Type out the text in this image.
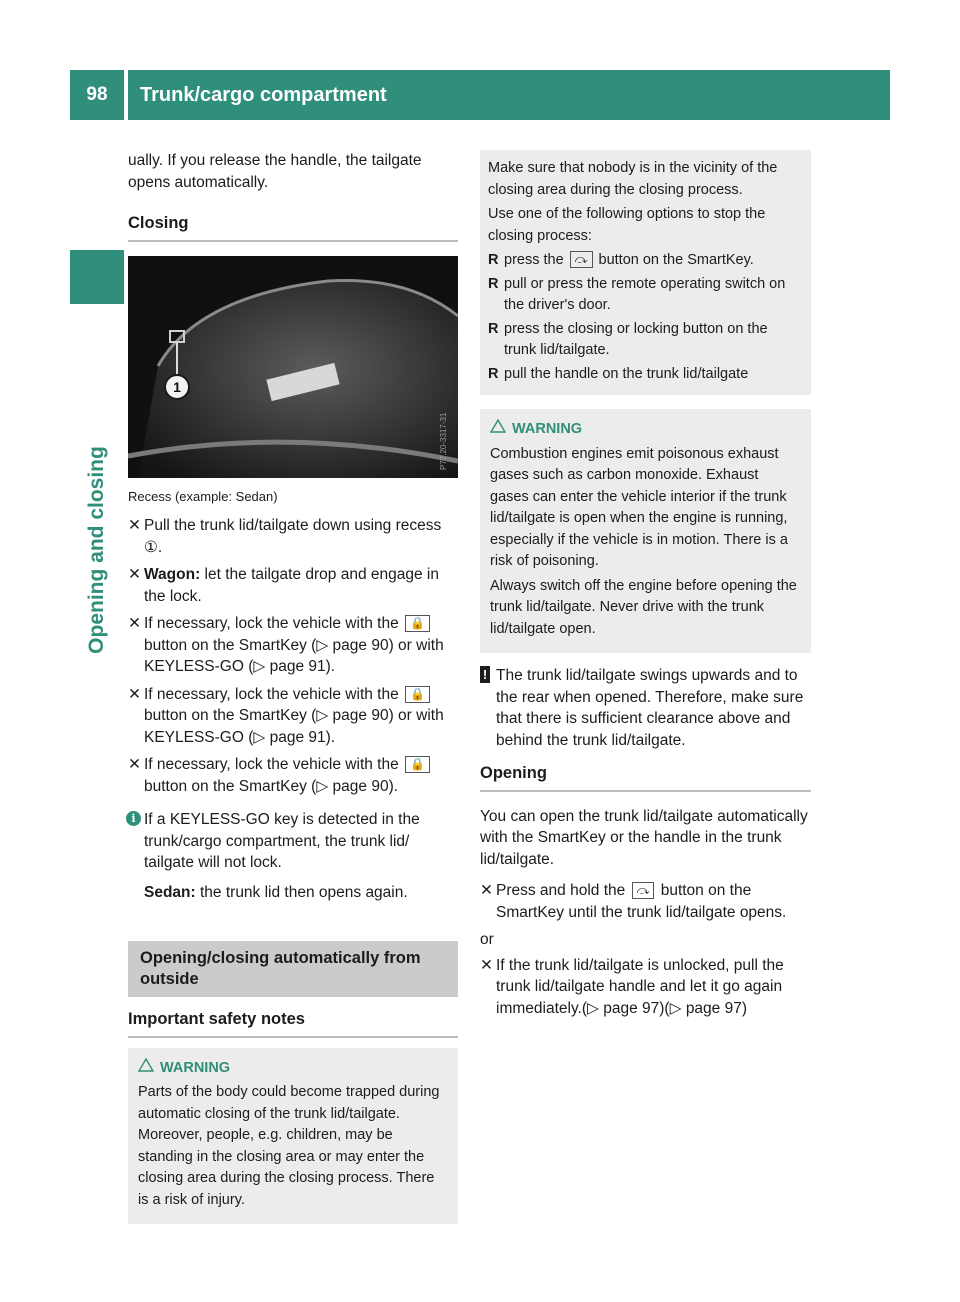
98	Trunk/cargo compartment
Opening and closing

ually. If you release the handle, the tailgate opens automatically.

Closing
1
P77.20-3317-31
Recess (example: Sedan)
✕ Pull the trunk lid/tailgate down using recess ①.
✕ Wagon: let the tailgate drop and engage in the lock.
✕ If necessary, lock the vehicle with the 🔒 button on the SmartKey (▷ page 90) or with KEYLESS-GO (▷ page 91).
✕ If necessary, lock the vehicle with the 🔒 button on the SmartKey (▷ page 90) or with KEYLESS-GO (▷ page 91).
✕ If necessary, lock the vehicle with the 🔒 button on the SmartKey (▷ page 90).
i If a KEYLESS-GO key is detected in the trunk/cargo compartment, the trunk lid/ tailgate will not lock.
Sedan: the trunk lid then opens again.
Opening/closing automatically from outside
Important safety notes
WARNING

Parts of the body could become trapped during automatic closing of the trunk lid/tailgate. Moreover, people, e.g. children, may be standing in the closing area or may enter the closing area during the closing process. There is a risk of injury.

Make sure that nobody is in the vicinity of the closing area during the closing process.

Use one of the following options to stop the closing process:

R press the ⤼ button on the SmartKey.
R pull or press the remote operating switch on the driver's door.
R press the closing or locking button on the trunk lid/tailgate.
R pull the handle on the trunk lid/tailgate
WARNING

Combustion engines emit poisonous exhaust gases such as carbon monoxide. Exhaust gases can enter the vehicle interior if the trunk lid/tailgate is open when the engine is running, especially if the vehicle is in motion. There is a risk of poisoning.

Always switch off the engine before opening the trunk lid/tailgate. Never drive with the trunk lid/tailgate open.

! The trunk lid/tailgate swings upwards and to the rear when opened. Therefore, make sure that there is sufficient clearance above and behind the trunk lid/tailgate.
Opening

You can open the trunk lid/tailgate automatically with the SmartKey or the handle in the trunk lid/tailgate.

✕ Press and hold the ⤼ button on the SmartKey until the trunk lid/tailgate opens.

or

✕ If the trunk lid/tailgate is unlocked, pull the trunk lid/tailgate handle and let it go again immediately.(▷ page 97)(▷ page 97)
